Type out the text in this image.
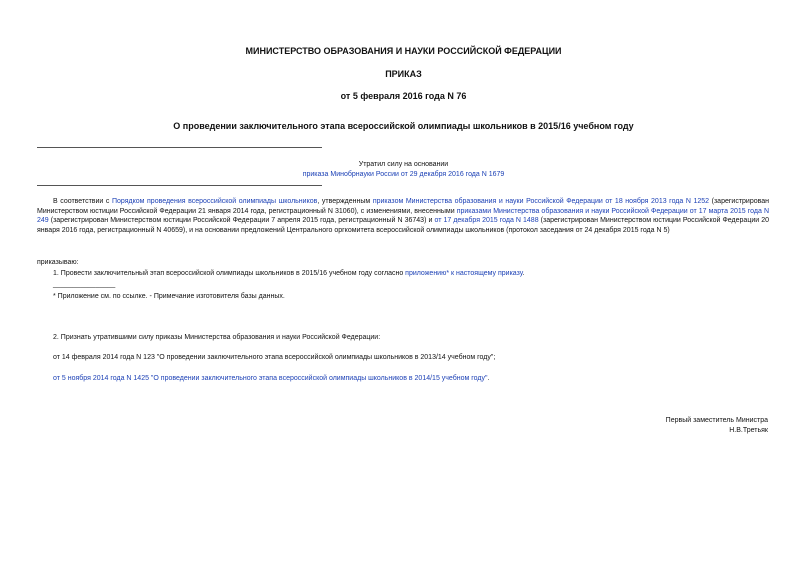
МИНИСТЕРСТВО ОБРАЗОВАНИЯ И НАУКИ РОССИЙСКОЙ ФЕДЕРАЦИИ
ПРИКАЗ
от 5 февраля 2016 года N 76
О проведении заключительного этапа всероссийской олимпиады школьников в 2015/16 учебном году
Утратил силу на основании
приказа Минобрнауки России от 29 декабря 2016 года N 1679
В соответствии с Порядком проведения всероссийской олимпиады школьников, утвержденным приказом Министерства образования и науки Российской Федерации от 18 ноября 2013 года N 1252 (зарегистрирован Министерством юстиции Российской Федерации 21 января 2014 года, регистрационный N 31060), с изменениями, внесенными приказами Министерства образования и науки Российской Федерации от 17 марта 2015 года N 249 (зарегистрирован Министерством юстиции Российской Федерации 7 апреля 2015 года, регистрационный N 36743) и от 17 декабря 2015 года N 1488 (зарегистрирован Министерством юстиции Российской Федерации 20 января 2016 года, регистрационный N 40659), и на основании предложений Центрального оргкомитета всероссийской олимпиады школьников (протокол заседания от 24 декабря 2015 года N 5)
приказываю:
1. Провести заключительный этап всероссийской олимпиады школьников в 2015/16 учебном году согласно приложению* к настоящему приказу.
________________
* Приложение см. по ссылке. - Примечание изготовителя базы данных.
2. Признать утратившими силу приказы Министерства образования и науки Российской Федерации:
от 14 февраля 2014 года N 123 "О проведении заключительного этапа всероссийской олимпиады школьников в 2013/14 учебном году";
от 5 ноября 2014 года N 1425 "О проведении заключительного этапа всероссийской олимпиады школьников в 2014/15 учебном году".
Первый заместитель Министра
Н.В.Третьяк
